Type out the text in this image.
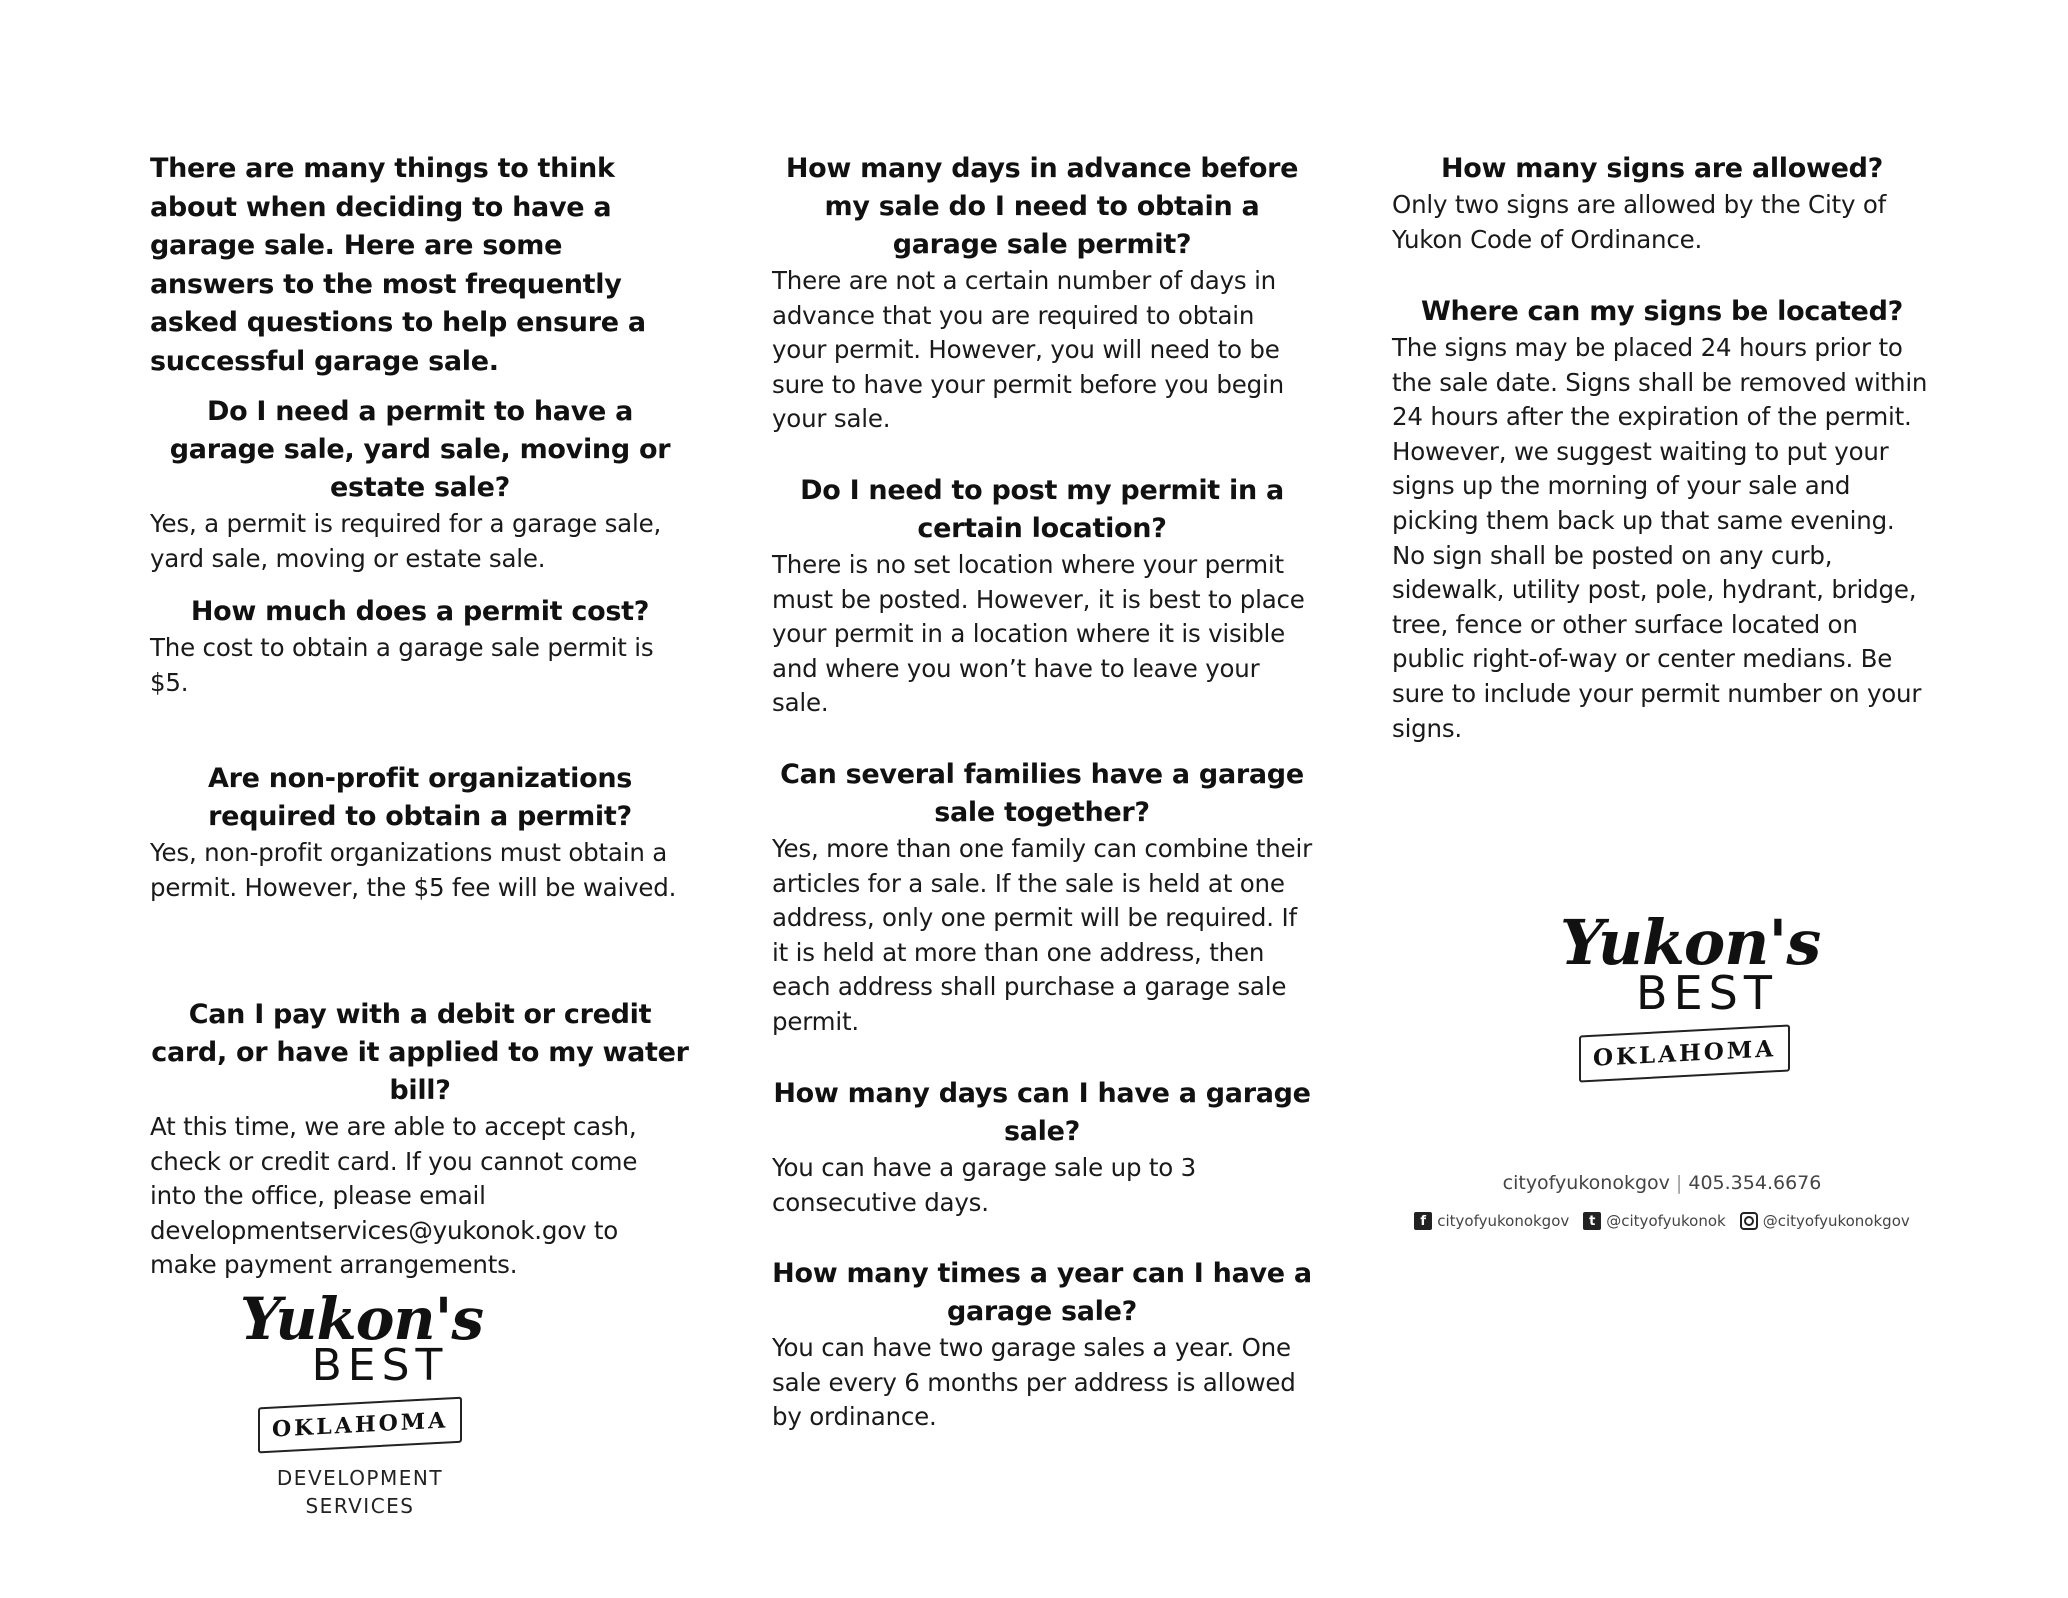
There are many things to think about when deciding to have a garage sale. Here are some answers to the most frequently asked questions to help ensure a successful garage sale.

Do I need a permit to have a garage sale, yard sale, moving or estate sale?

Yes, a permit is required for a garage sale, yard sale, moving or estate sale.

How much does a permit cost?

The cost to obtain a garage sale permit is $5.

Are non-profit organizations required to obtain a permit?

Yes, non-profit organizations must obtain a permit. However, the $5 fee will be waived.

Can I pay with a debit or credit card, or have it applied to my water bill?

At this time, we are able to accept cash, check or credit card. If you cannot come into the office, please email developmentservices@yukonok.gov to make payment arrangements.

Yukon's
BEST
OKLAHOMA
DEVELOPMENT
SERVICES
How many days in advance before my sale do I need to obtain a garage sale permit?

There are not a certain number of days in advance that you are required to obtain your permit. However, you will need to be sure to have your permit before you begin your sale.

Do I need to post my permit in a certain location?

There is no set location where your permit must be posted. However, it is best to place your permit in a location where it is visible and where you won’t have to leave your sale.

Can several families have a garage sale together?

Yes, more than one family can combine their articles for a sale. If the sale is held at one address, only one permit will be required. If it is held at more than one address, then each address shall purchase a garage sale permit.

How many days can I have a garage sale?

You can have a garage sale up to 3 consecutive days.

How many times a year can I have a garage sale?

You can have two garage sales a year. One sale every 6 months per address is allowed by ordinance.

How many signs are allowed?

Only two signs are allowed by the City of Yukon Code of Ordinance.

Where can my signs be located?

The signs may be placed 24 hours prior to the sale date. Signs shall be removed within 24 hours after the expiration of the permit. However, we suggest waiting to put your signs up the morning of your sale and picking them back up that same evening. No sign shall be posted on any curb, sidewalk, utility post, pole, hydrant, bridge, tree, fence or other surface located on public right-of-way or center medians. Be sure to include your permit number on your signs.

Yukon's
BEST
OKLAHOMA
cityofyukonokgov | 405.354.6676
f cityofyukonokgov	t @cityofyukonok @cityofyukonokgov
